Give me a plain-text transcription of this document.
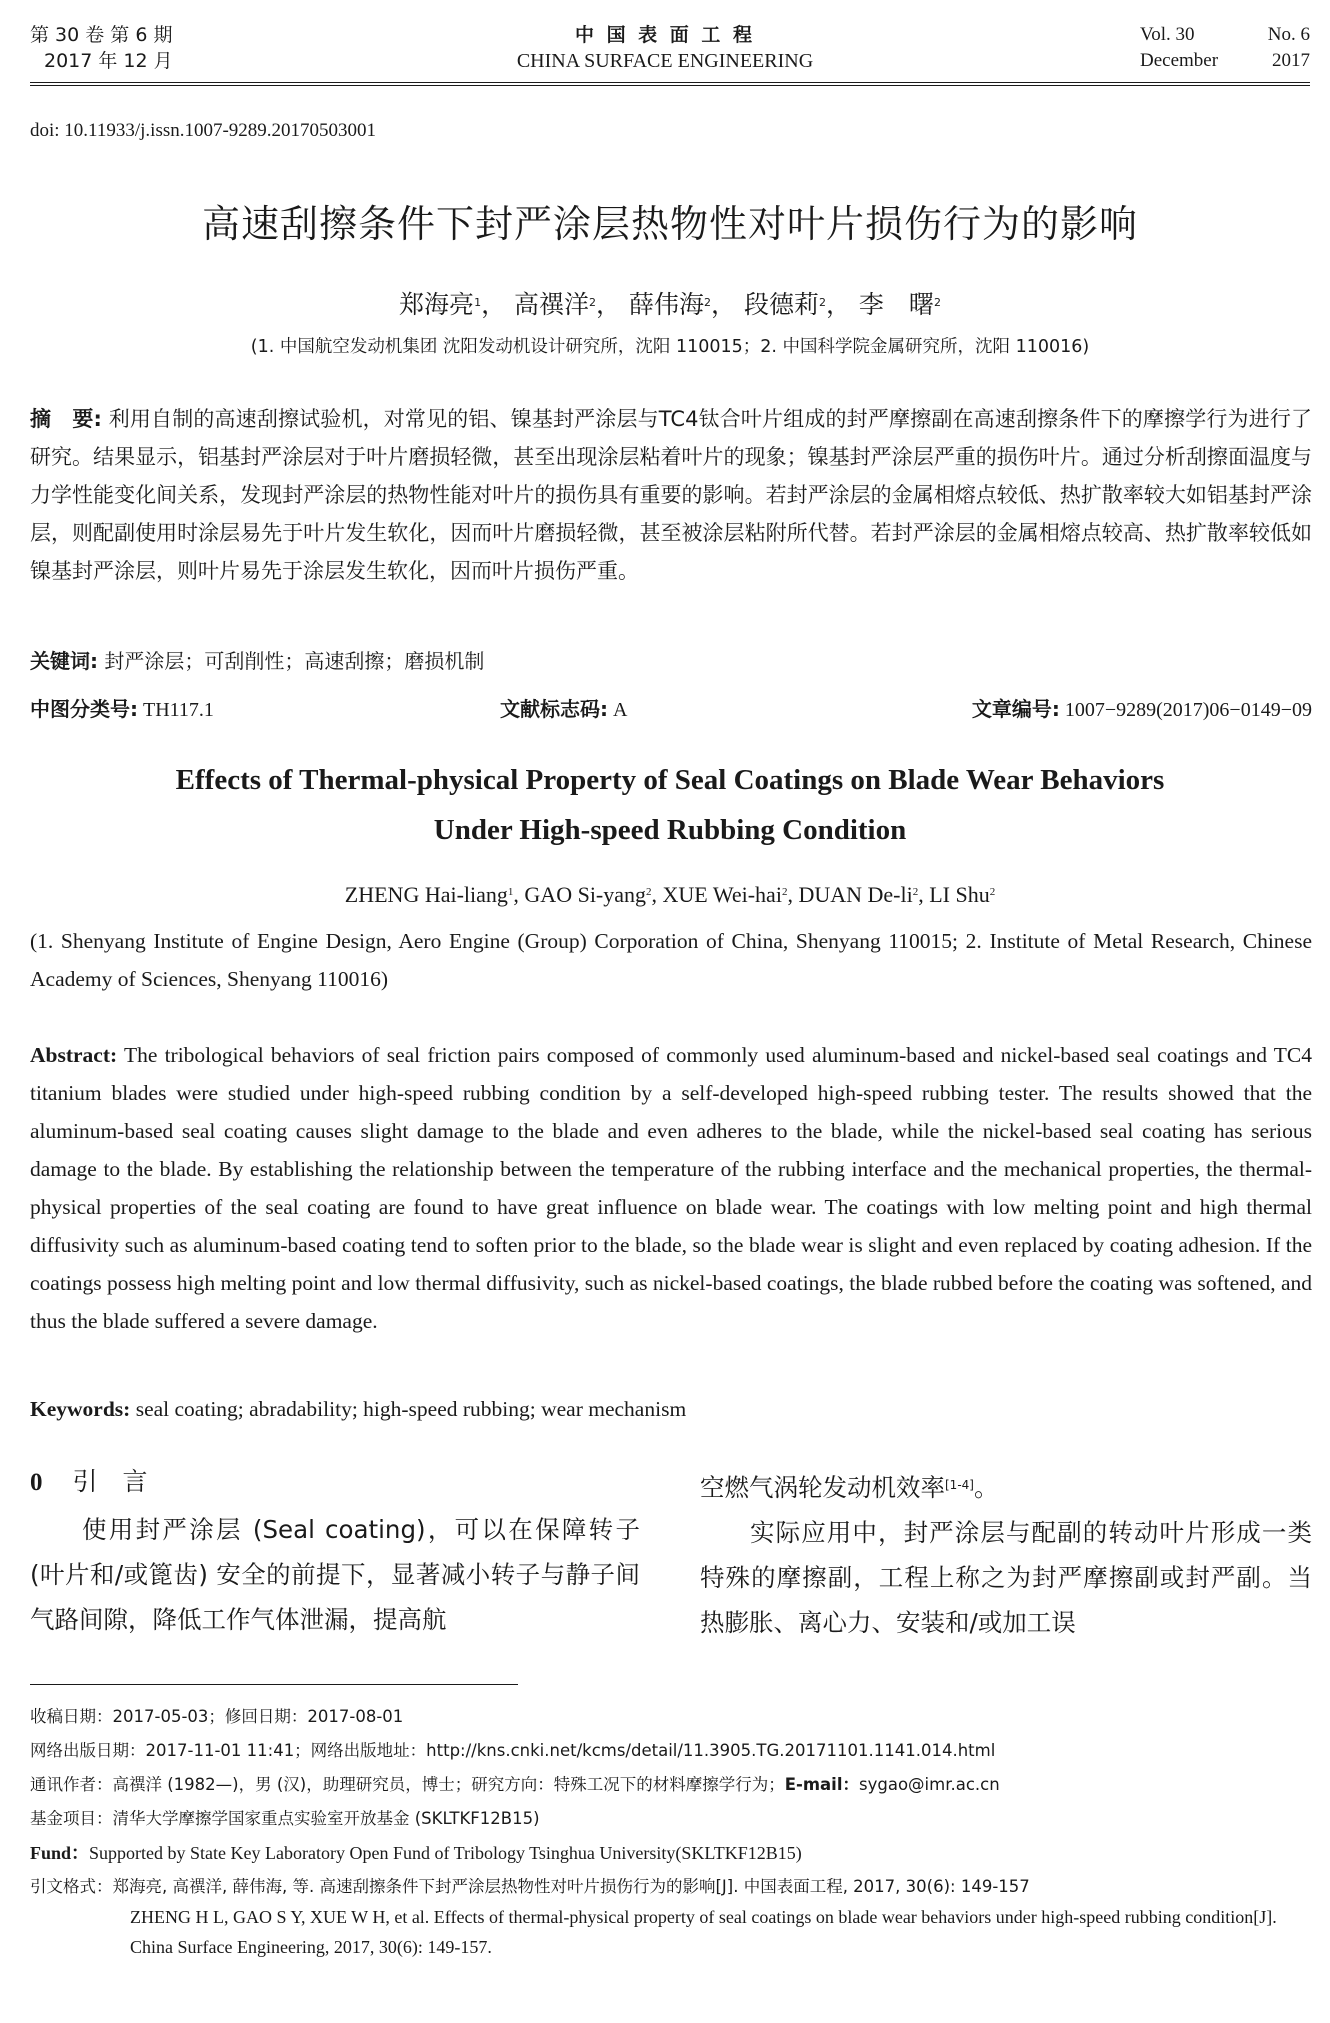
第 30 卷 第 6 期
2017 年 12 月
中 国 表 面 工 程
CHINA SURFACE ENGINEERING
Vol. 30	No. 6
December	2017
doi: 10.11933/j.issn.1007-9289.20170503001
高速刮擦条件下封严涂层热物性对叶片损伤行为的影响
郑海亮$^1$， 高禩洋$^2$， 薛伟海$^2$， 段德莉$^2$， 李　曙$^2$
(1. 中国航空发动机集团 沈阳发动机设计研究所，沈阳 110015；2. 中国科学院金属研究所，沈阳 110016)
摘　要: 利用自制的高速刮擦试验机，对常见的铝、镍基封严涂层与TC4钛合叶片组成的封严摩擦副在高速刮擦条件下的摩擦学行为进行了研究。结果显示，铝基封严涂层对于叶片磨损轻微，甚至出现涂层粘着叶片的现象；镍基封严涂层严重的损伤叶片。通过分析刮擦面温度与力学性能变化间关系，发现封严涂层的热物性能对叶片的损伤具有重要的影响。若封严涂层的金属相熔点较低、热扩散率较大如铝基封严涂层，则配副使用时涂层易先于叶片发生软化，因而叶片磨损轻微，甚至被涂层粘附所代替。若封严涂层的金属相熔点较高、热扩散率较低如镍基封严涂层，则叶片易先于涂层发生软化，因而叶片损伤严重。
关键词: 封严涂层；可刮削性；高速刮擦；磨损机制
中图分类号: TH117.1	文献标志码: A	文章编号: 1007−9289(2017)06−0149−09
Effects of Thermal-physical Property of Seal Coatings on Blade Wear Behaviors
Under High-speed Rubbing Condition
ZHENG Hai-liang$^1$, GAO Si-yang$^2$, XUE Wei-hai$^2$, DUAN $De-li^2$, LI Shu$^2$
(1. Shenyang Institute of Engine Design, Aero Engine (Group) Corporation of China, Shenyang 110015; 2. Institute of Metal Research, Chinese Academy of Sciences, Shenyang 110016)
Abstract: The tribological behaviors of seal friction pairs composed of commonly used aluminum-based and nickel-based seal coatings and TC4 titanium blades were studied under high-speed rubbing condition by a self-developed high-speed rubbing tester. The results showed that the aluminum-based seal coating causes slight damage to the blade and even adheres to the blade, while the nickel-based seal coating has serious damage to the blade. By establishing the relationship between the temperature of the rubbing interface and the mechanical properties, the thermal-physical properties of the seal coating are found to have great influence on blade wear. The coatings with low melting point and high thermal diffusivity such as aluminum-based coating tend to soften prior to the blade, so the blade wear is slight and even replaced by coating adhesion. If the coatings possess high melting point and low thermal diffusivity, such as nickel-based coatings, the blade rubbed before the coating was softened, and thus the blade suffered a severe damage.
Keywords: seal coating; abradability; high-speed rubbing; wear mechanism
0 引　言
使用封严涂层 (Seal coating)，可以在保障转子 (叶片和/或篦齿) 安全的前提下，显著减小转子与静子间气路间隙，降低工作气体泄漏，提高航
空燃气涡轮发动机效率[1-4]。
实际应用中，封严涂层与配副的转动叶片形成一类特殊的摩擦副，工程上称之为封严摩擦副或封严副。当热膨胀、离心力、安装和/或加工误
收稿日期：2017-05-03；修回日期：2017-08-01
网络出版日期：2017-11-01 11:41；网络出版地址：http://kns.cnki.net/kcms/detail/11.3905.TG.20171101.1141.014.html
通讯作者：高禩洋 (1982—)，男 (汉)，助理研究员，博士；研究方向：特殊工况下的材料摩擦学行为；E-mail：sygao@imr.ac.cn
基金项目：清华大学摩擦学国家重点实验室开放基金 (SKLTKF12B15)
Fund：Supported by State Key Laboratory Open Fund of Tribology Tsinghua University(SKLTKF12B15)
引文格式：郑海亮, 高禩洋, 薛伟海, 等. 高速刮擦条件下封严涂层热物性对叶片损伤行为的影响[J]. 中国表面工程, 2017, 30(6): 149-157
ZHENG H L, GAO S Y, XUE W H, et al. Effects of thermal-physical property of seal coatings on blade wear behaviors under high-speed rubbing condition[J]. China Surface Engineering, 2017, 30(6): 149-157.
